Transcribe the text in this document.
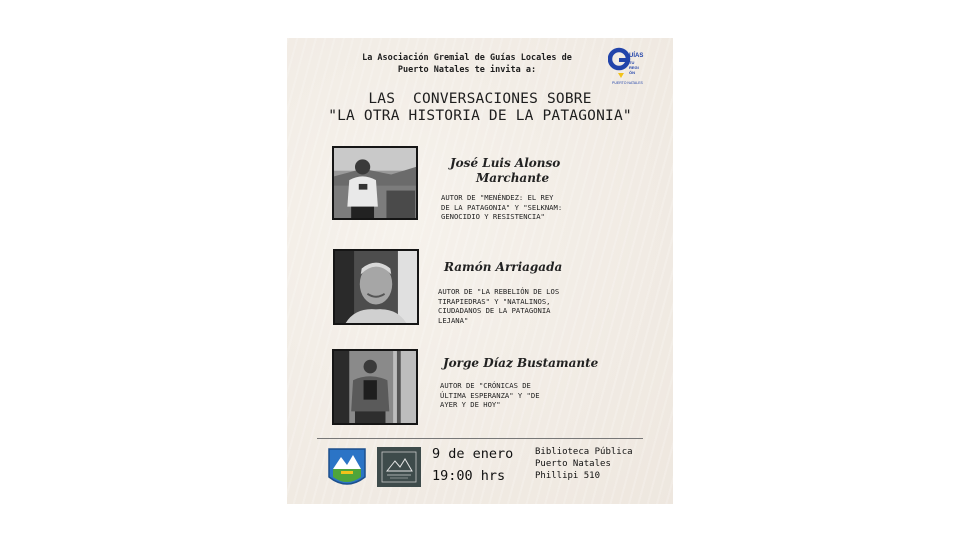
La Asociación Gremial de Guías Locales de
Puerto Natales te invita a:
UÍAS
TU
REGI
ÓN
PUERTO NATALES
LAS  CONVERSACIONES SOBRE
"LA OTRA HISTORIA DE LA PATAGONIA"
José Luis Alonso
Marchante
AUTOR DE "MENÉNDEZ: EL REY
DE LA PATAGONIA" Y "SELKNAM:
GENOCIDIO Y RESISTENCIA"
Ramón Arriagada
AUTOR DE "LA REBELIÓN DE LOS
TIRAPIEDRAS" Y "NATALINOS,
CIUDADANOS DE LA PATAGONIA
LEJANA"
Jorge Díaz Bustamante
AUTOR DE "CRÓNICAS DE
ÚLTIMA ESPERANZA" Y "DE
AYER Y DE HOY"
9 de enero
19:00 hrs
Biblioteca Pública
Puerto Natales
Phillipi 510
